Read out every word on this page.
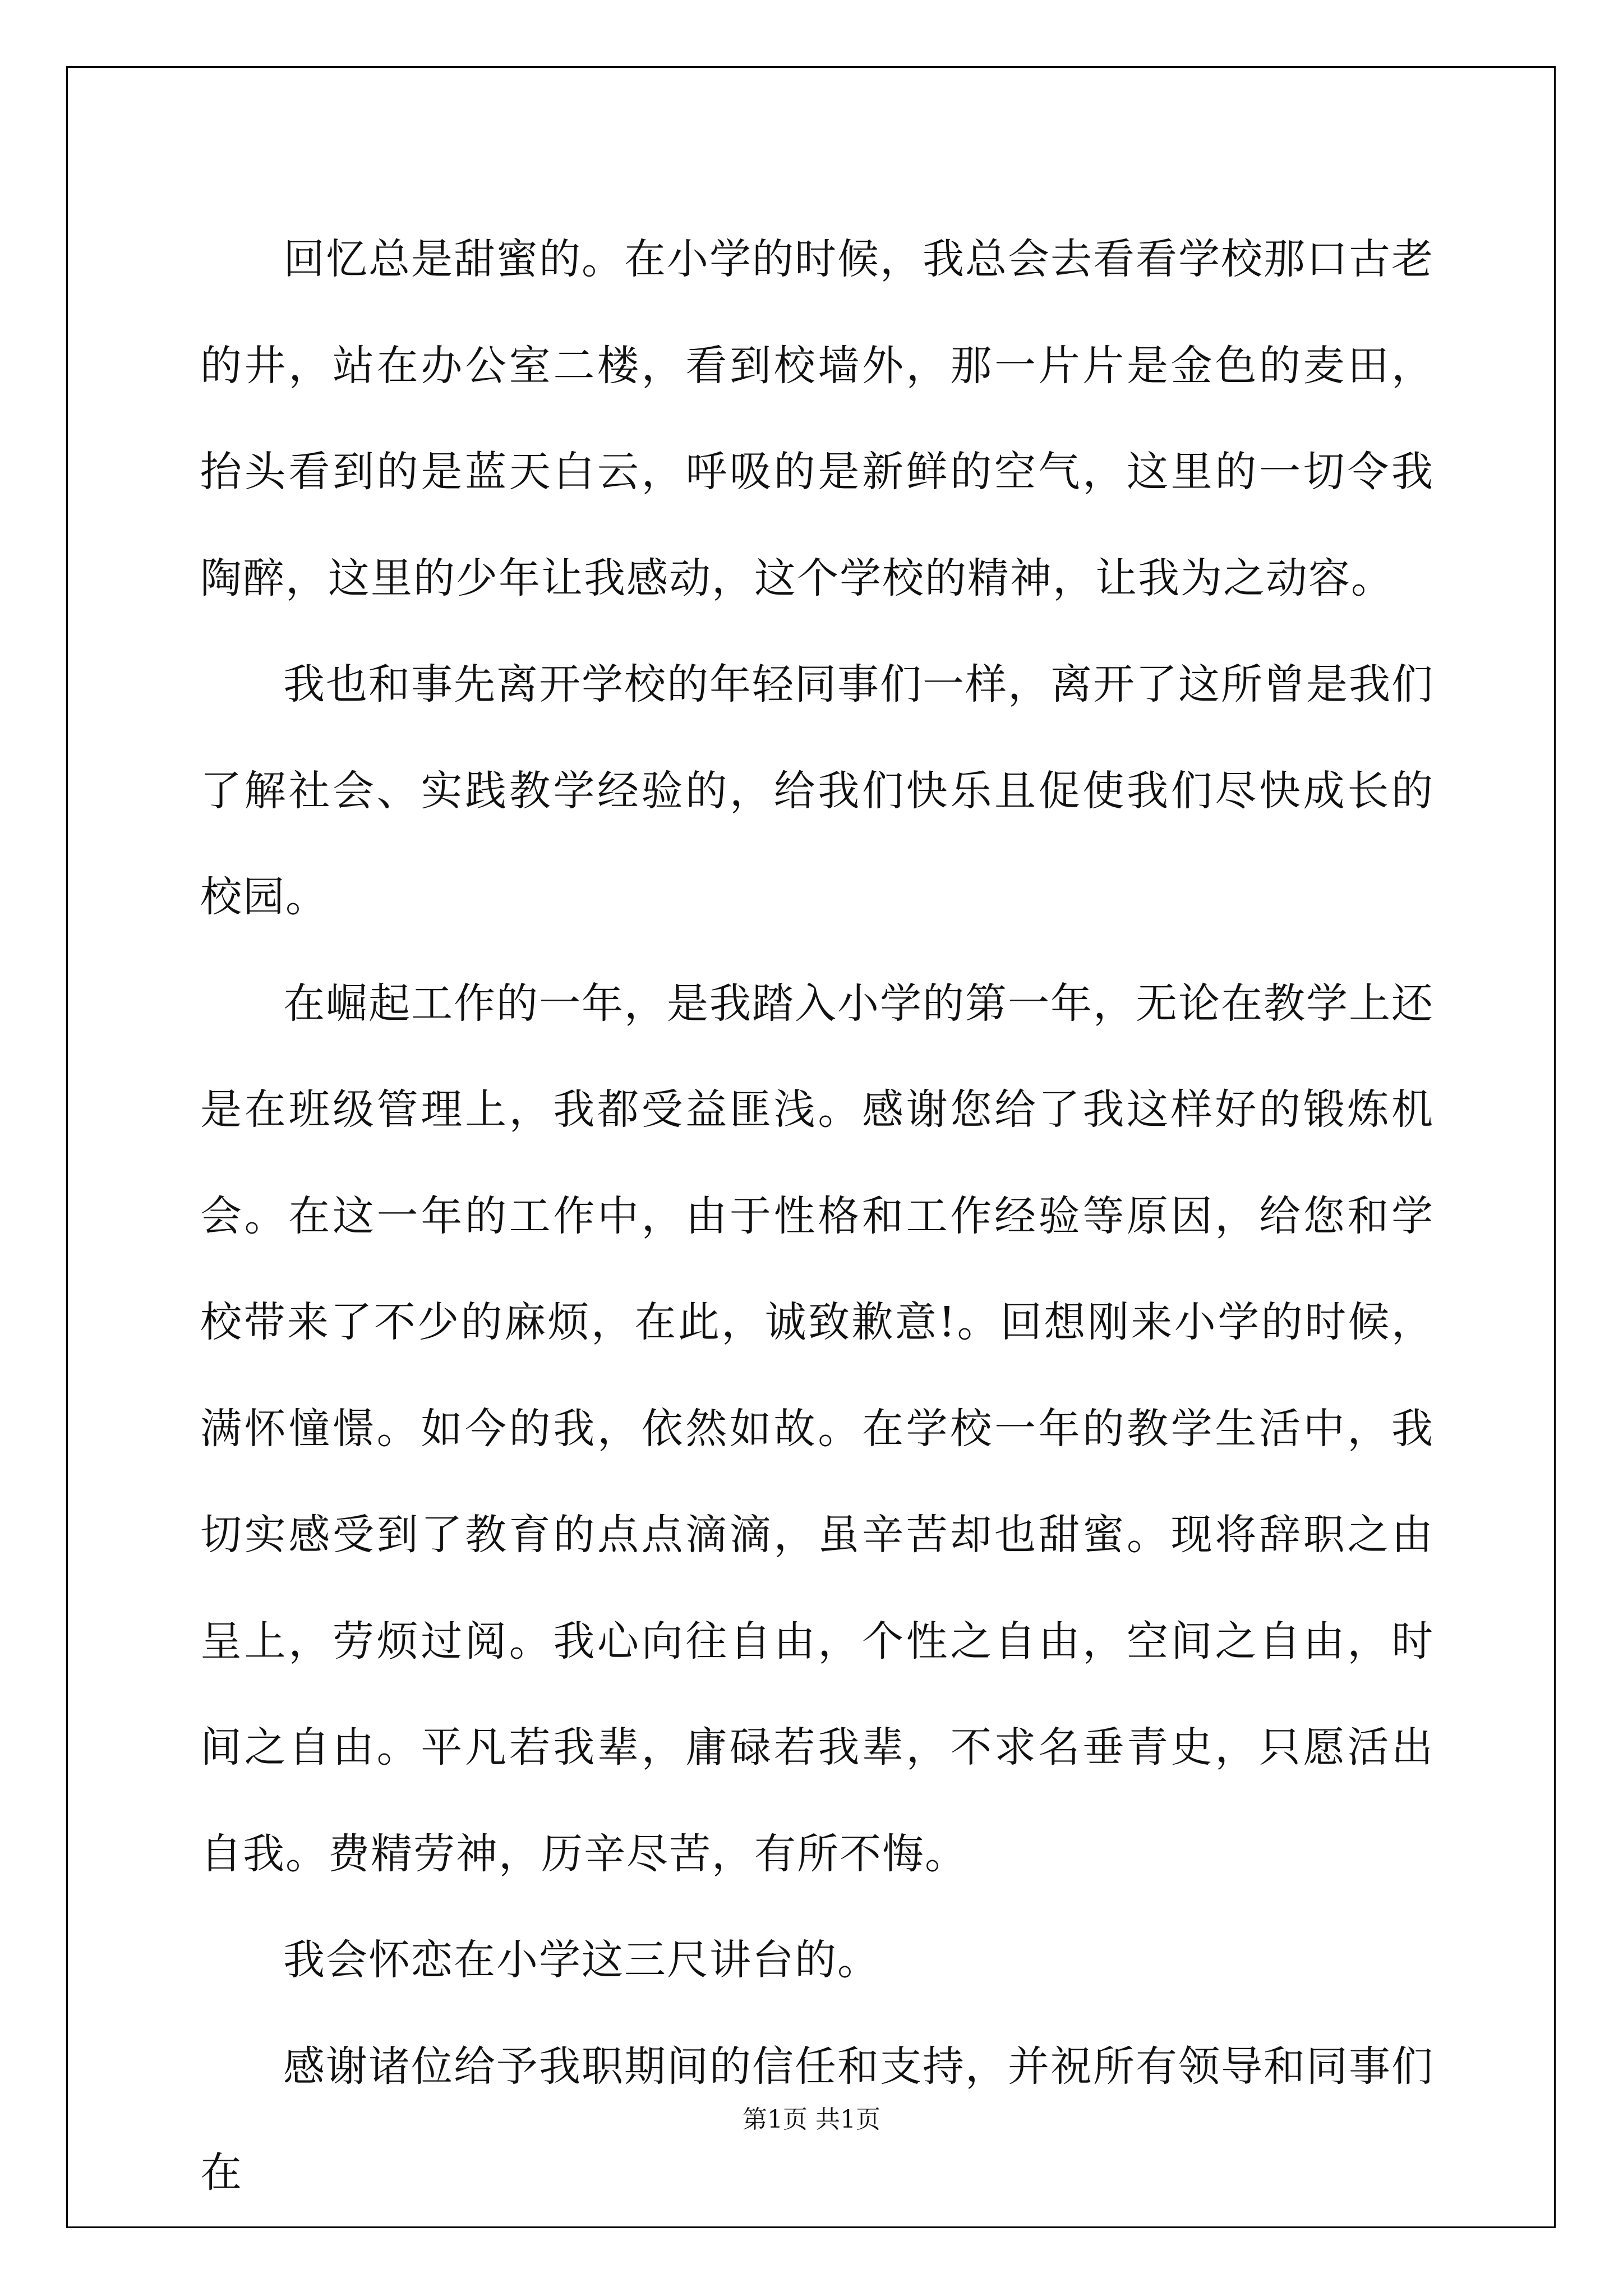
回忆总是甜蜜的。在小学的时候，我总会去看看学校那口古老的井，站在办公室二楼，看到校墙外，那一片片是金色的麦田，抬头看到的是蓝天白云，呼吸的是新鲜的空气，这里的一切令我陶醉，这里的少年让我感动，这个学校的精神，让我为之动容。

我也和事先离开学校的年轻同事们一样，离开了这所曾是我们了解社会、实践教学经验的，给我们快乐且促使我们尽快成长的校园。

在崛起工作的一年，是我踏入小学的第一年，无论在教学上还是在班级管理上，我都受益匪浅。感谢您给了我这样好的锻炼机会。在这一年的工作中，由于性格和工作经验等原因，给您和学校带来了不少的麻烦，在此，诚致歉意!。回想刚来小学的时候，满怀憧憬。如今的我，依然如故。在学校一年的教学生活中，我切实感受到了教育的点点滴滴，虽辛苦却也甜蜜。现将辞职之由呈上，劳烦过阅。我心向往自由，个性之自由，空间之自由，时间之自由。平凡若我辈，庸碌若我辈，不求名垂青史，只愿活出自我。费精劳神，历辛尽苦，有所不悔。

我会怀恋在小学这三尺讲台的。

感谢诸位给予我职期间的信任和支持，并祝所有领导和同事们在

第1页 共1页
